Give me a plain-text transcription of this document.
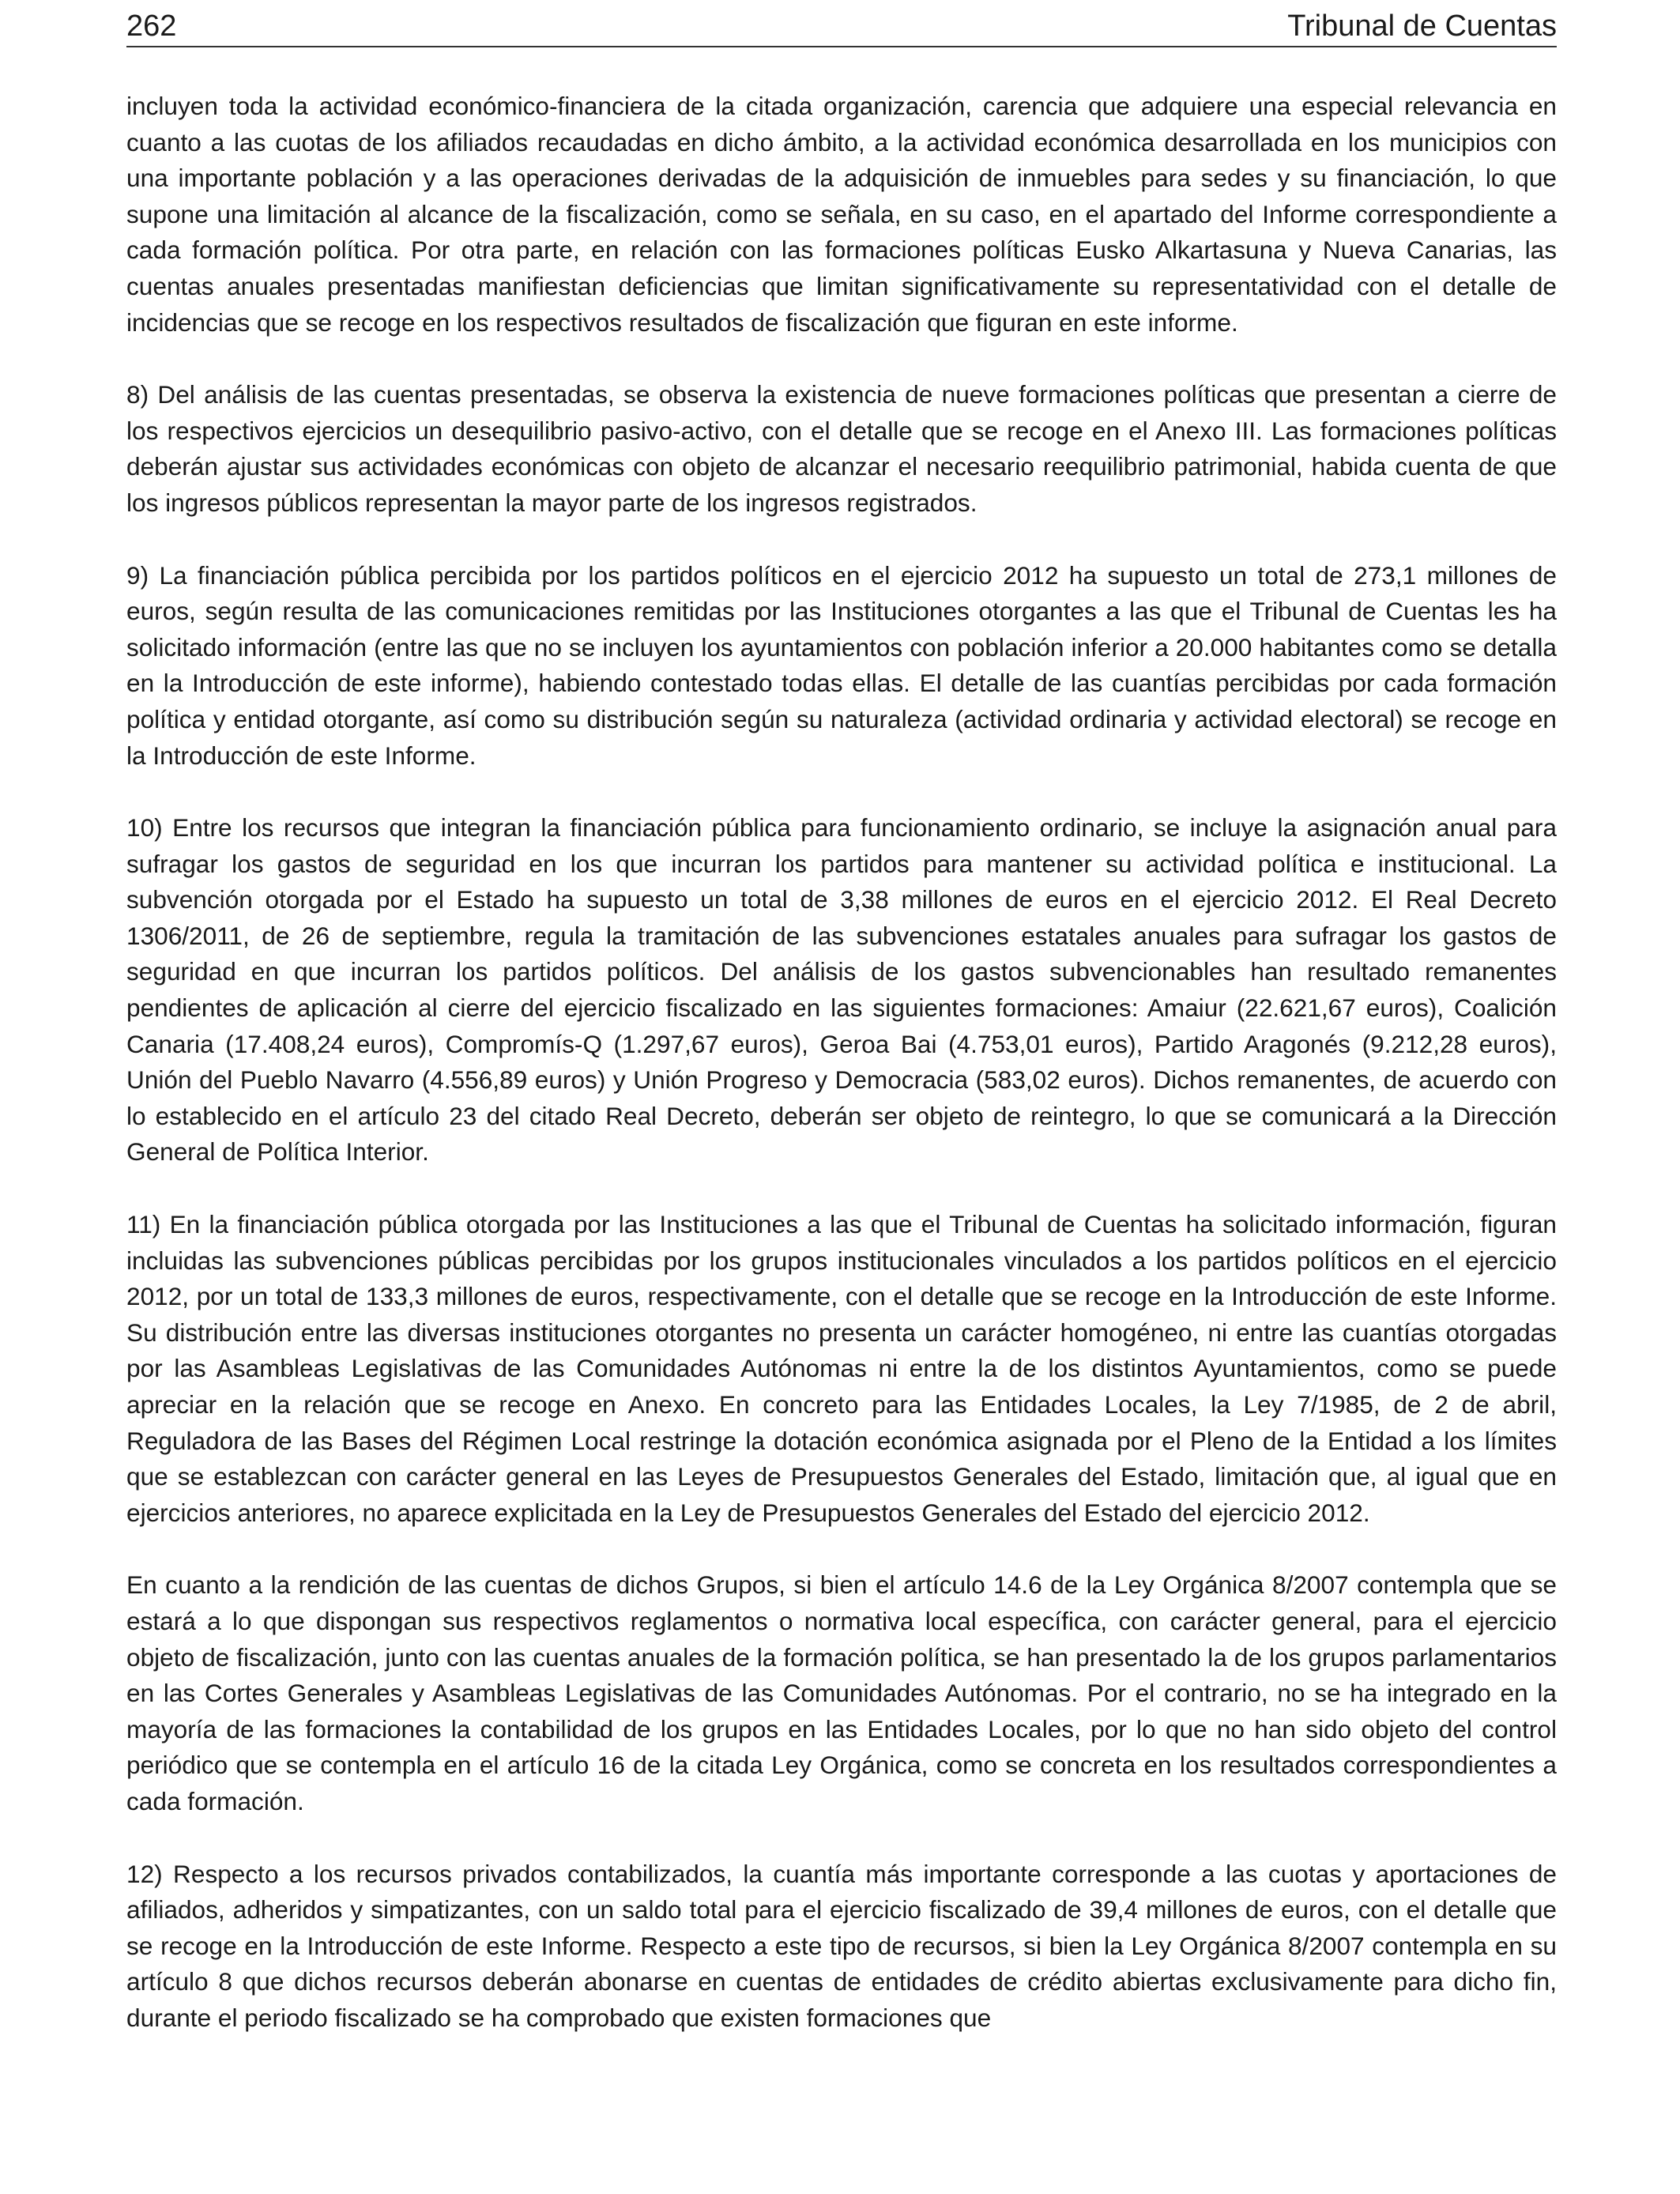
262	Tribunal de Cuentas

incluyen toda la actividad económico-financiera de la citada organización, carencia que adquiere una especial relevancia en cuanto a las cuotas de los afiliados recaudadas en dicho ámbito, a la actividad económica desarrollada en los municipios con una importante población y a las operaciones derivadas de la adquisición de inmuebles para sedes y su financiación, lo que supone una limitación al alcance de la fiscalización, como se señala, en su caso, en el apartado del Informe correspondiente a cada formación política. Por otra parte, en relación con las formaciones políticas Eusko Alkartasuna y Nueva Canarias, las cuentas anuales presentadas manifiestan deficiencias que limitan significativamente su representatividad con el detalle de incidencias que se recoge en los respectivos resultados de fiscalización que figuran en este informe.

8) Del análisis de las cuentas presentadas, se observa la existencia de nueve formaciones políticas que presentan a cierre de los respectivos ejercicios un desequilibrio pasivo-activo, con el detalle que se recoge en el Anexo III. Las formaciones políticas deberán ajustar sus actividades económicas con objeto de alcanzar el necesario reequilibrio patrimonial, habida cuenta de que los ingresos públicos representan la mayor parte de los ingresos registrados.

9) La financiación pública percibida por los partidos políticos en el ejercicio 2012 ha supuesto un total de 273,1 millones de euros, según resulta de las comunicaciones remitidas por las Instituciones otorgantes a las que el Tribunal de Cuentas les ha solicitado información (entre las que no se incluyen los ayuntamientos con población inferior a 20.000 habitantes como se detalla en la Introducción de este informe), habiendo contestado todas ellas. El detalle de las cuantías percibidas por cada formación política y entidad otorgante, así como su distribución según su naturaleza (actividad ordinaria y actividad electoral) se recoge en la Introducción de este Informe.

10) Entre los recursos que integran la financiación pública para funcionamiento ordinario, se incluye la asignación anual para sufragar los gastos de seguridad en los que incurran los partidos para mantener su actividad política e institucional. La subvención otorgada por el Estado ha supuesto un total de 3,38 millones de euros en el ejercicio 2012. El Real Decreto 1306/2011, de 26 de septiembre, regula la tramitación de las subvenciones estatales anuales para sufragar los gastos de seguridad en que incurran los partidos políticos. Del análisis de los gastos subvencionables han resultado remanentes pendientes de aplicación al cierre del ejercicio fiscalizado en las siguientes formaciones: Amaiur (22.621,67 euros), Coalición Canaria (17.408,24 euros), Compromís-Q (1.297,67 euros), Geroa Bai (4.753,01 euros), Partido Aragonés (9.212,28 euros), Unión del Pueblo Navarro (4.556,89 euros) y Unión Progreso y Democracia (583,02 euros). Dichos remanentes, de acuerdo con lo establecido en el artículo 23 del citado Real Decreto, deberán ser objeto de reintegro, lo que se comunicará a la Dirección General de Política Interior.

11) En la financiación pública otorgada por las Instituciones a las que el Tribunal de Cuentas ha solicitado información, figuran incluidas las subvenciones públicas percibidas por los grupos institucionales vinculados a los partidos políticos en el ejercicio 2012, por un total de 133,3 millones de euros, respectivamente, con el detalle que se recoge en la Introducción de este Informe. Su distribución entre las diversas instituciones otorgantes no presenta un carácter homogéneo, ni entre las cuantías otorgadas por las Asambleas Legislativas de las Comunidades Autónomas ni entre la de los distintos Ayuntamientos, como se puede apreciar en la relación que se recoge en Anexo. En concreto para las Entidades Locales, la Ley 7/1985, de 2 de abril, Reguladora de las Bases del Régimen Local restringe la dotación económica asignada por el Pleno de la Entidad a los límites que se establezcan con carácter general en las Leyes de Presupuestos Generales del Estado, limitación que, al igual que en ejercicios anteriores, no aparece explicitada en la Ley de Presupuestos Generales del Estado del ejercicio 2012.

En cuanto a la rendición de las cuentas de dichos Grupos, si bien el artículo 14.6 de la Ley Orgánica 8/2007 contempla que se estará a lo que dispongan sus respectivos reglamentos o normativa local específica, con carácter general, para el ejercicio objeto de fiscalización, junto con las cuentas anuales de la formación política, se han presentado la de los grupos parlamentarios en las Cortes Generales y Asambleas Legislativas de las Comunidades Autónomas. Por el contrario, no se ha integrado en la mayoría de las formaciones la contabilidad de los grupos en las Entidades Locales, por lo que no han sido objeto del control periódico que se contempla en el artículo 16 de la citada Ley Orgánica, como se concreta en los resultados correspondientes a cada formación.

12) Respecto a los recursos privados contabilizados, la cuantía más importante corresponde a las cuotas y aportaciones de afiliados, adheridos y simpatizantes, con un saldo total para el ejercicio fiscalizado de 39,4 millones de euros, con el detalle que se recoge en la Introducción de este Informe. Respecto a este tipo de recursos, si bien la Ley Orgánica 8/2007 contempla en su artículo 8 que dichos recursos deberán abonarse en cuentas de entidades de crédito abiertas exclusivamente para dicho fin, durante el periodo fiscalizado se ha comprobado que existen formaciones que
